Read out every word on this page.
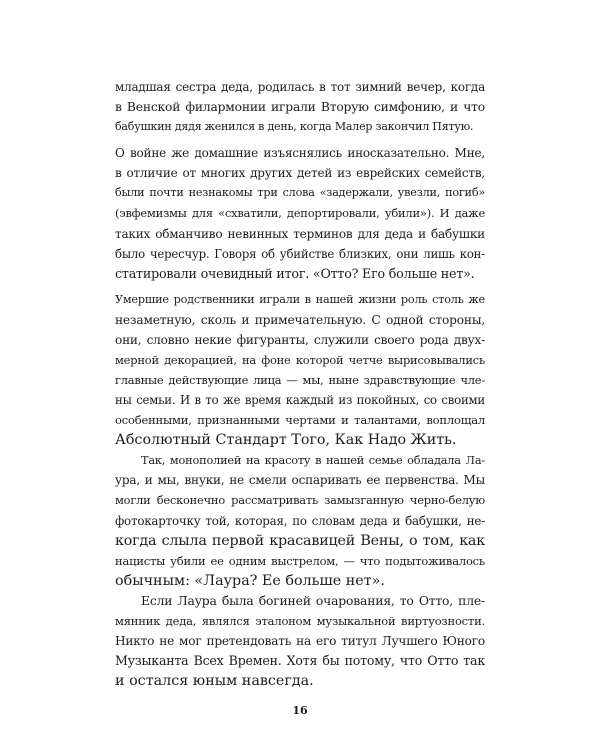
младшая сестра деда, родилась в тот зимний вечер, когда
в Венской филармонии играли Вторую симфонию, и что
бабушкин дядя женился в день, когда Малер закончил Пятую.
О войне же домашние изъяснялись иносказательно. Мне,
в отличие от многих других детей из еврейских семейств,
были почти незнакомы три слова «задержали, увезли, погиб»
(эвфемизмы для «схватили, депортировали, убили»). И даже
таких обманчиво невинных терминов для деда и бабушки
было чересчур. Говоря об убийстве близких, они лишь кон-
статировали очевидный итог. «Отто? Его больше нет».
Умершие родственники играли в нашей жизни роль столь же
незаметную, сколь и примечательную. С одной стороны,
они, словно некие фигуранты, служили своего рода двух-
мерной декорацией, на фоне которой четче вырисовывались
главные действующие лица — мы, ныне здравствующие чле-
ны семьи. И в то же время каждый из покойных, со своими
особенными, признанными чертами и талантами, воплощал
Абсолютный Стандарт Того, Как Надо Жить.
Так, монополией на красоту в нашей семье обладала Ла-
ура, и мы, внуки, не смели оспаривать ее первенства. Мы
могли бесконечно рассматривать замызганную черно-белую
фотокарточку той, которая, по словам деда и бабушки, не-
когда слыла первой красавицей Вены, о том, как
нацисты убили ее одним выстрелом, — что подытоживалось
обычным: «Лаура? Ее больше нет».
Если Лаура была богиней очарования, то Отто, пле-
мянник деда, являлся эталоном музыкальной виртуозности.
Никто не мог претендовать на его титул Лучшего Юного
Музыканта Всех Времен. Хотя бы потому, что Отто так
и остался юным навсегда.
16
